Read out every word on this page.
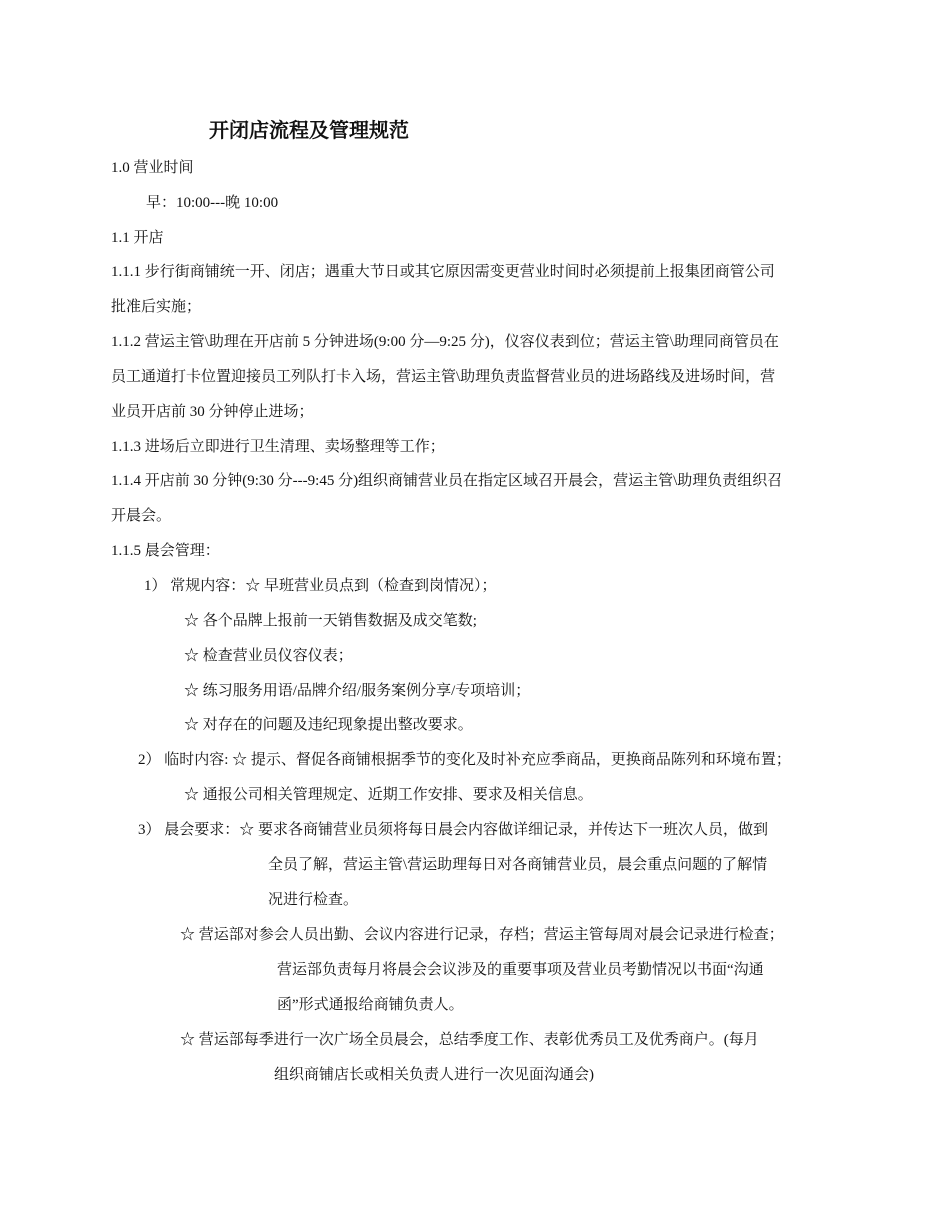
开闭店流程及管理规范
1.0 营业时间
早：10:00---晚 10:00
1.1 开店
1.1.1 步行街商铺统一开、闭店；遇重大节日或其它原因需变更营业时间时必须提前上报集团商管公司
批准后实施；
1.1.2 营运主管\助理在开店前 5 分钟进场(9:00 分—9:25 分)，仪容仪表到位；营运主管\助理同商管员在
员工通道打卡位置迎接员工列队打卡入场，营运主管\助理负责监督营业员的进场路线及进场时间，营
业员开店前 30 分钟停止进场；
1.1.3 进场后立即进行卫生清理、卖场整理等工作；
1.1.4 开店前 30 分钟(9:30 分---9:45 分)组织商铺营业员在指定区域召开晨会，营运主管\助理负责组织召
开晨会。
1.1.5 晨会管理：
1） 常规内容：☆ 早班营业员点到（检查到岗情况）；
☆ 各个品牌上报前一天销售数据及成交笔数;
☆ 检查营业员仪容仪表；
☆ 练习服务用语/品牌介绍/服务案例分享/专项培训；
☆ 对存在的问题及违纪现象提出整改要求。
2） 临时内容: ☆ 提示、督促各商铺根据季节的变化及时补充应季商品，更换商品陈列和环境布置；
☆ 通报公司相关管理规定、近期工作安排、要求及相关信息。
3） 晨会要求：☆ 要求各商铺营业员须将每日晨会内容做详细记录，并传达下一班次人员，做到
全员了解，营运主管\营运助理每日对各商铺营业员，晨会重点问题的了解情
况进行检查。
☆ 营运部对参会人员出勤、会议内容进行记录，存档；营运主管每周对晨会记录进行检查；
营运部负责每月将晨会会议涉及的重要事项及营业员考勤情况以书面“沟通
函”形式通报给商铺负责人。
☆ 营运部每季进行一次广场全员晨会，总结季度工作、表彰优秀员工及优秀商户。(每月
组织商铺店长或相关负责人进行一次见面沟通会)
